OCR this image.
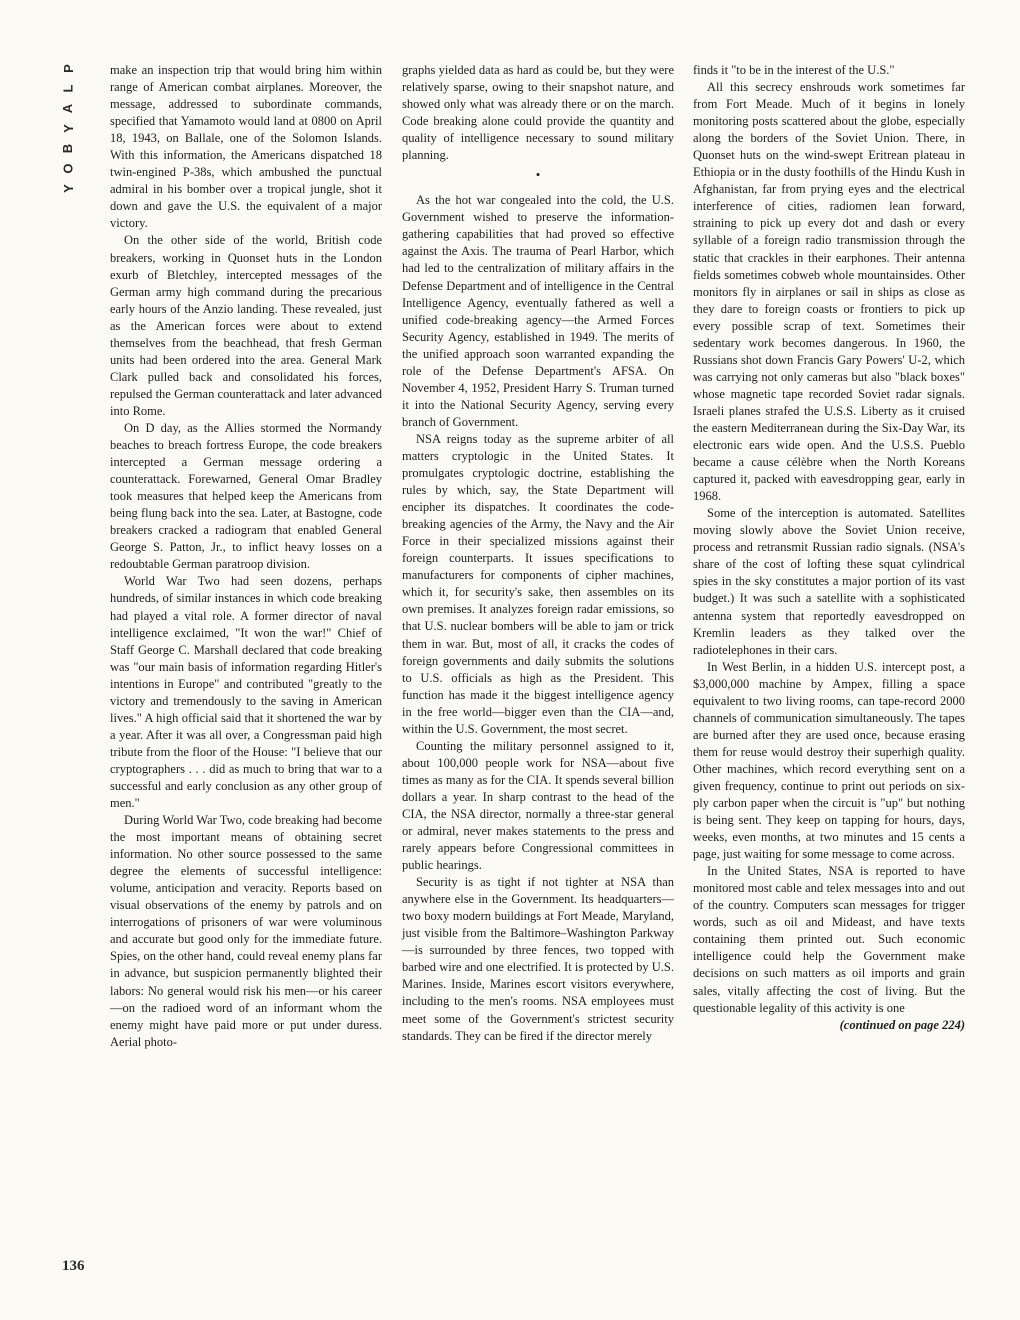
P
L
A
Y
B
O
Y
136

make an inspection trip that would bring him within range of American combat airplanes. Moreover, the message, addressed to subordinate commands, specified that Yamamoto would land at 0800 on April 18, 1943, on Ballale, one of the Solomon Islands. With this information, the Americans dispatched 18 twin-engined P-38s, which ambushed the punctual admiral in his bomber over a tropical jungle, shot it down and gave the U.S. the equivalent of a major victory.

On the other side of the world, British code breakers, working in Quonset huts in the London exurb of Bletchley, intercepted messages of the German army high command during the precarious early hours of the Anzio landing. These revealed, just as the American forces were about to extend themselves from the beachhead, that fresh German units had been ordered into the area. General Mark Clark pulled back and consolidated his forces, repulsed the German counterattack and later advanced into Rome.

On D day, as the Allies stormed the Normandy beaches to breach fortress Europe, the code breakers intercepted a German message ordering a counterattack. Forewarned, General Omar Bradley took measures that helped keep the Americans from being flung back into the sea. Later, at Bastogne, code breakers cracked a radiogram that enabled General George S. Patton, Jr., to inflict heavy losses on a redoubtable German paratroop division.

World War Two had seen dozens, perhaps hundreds, of similar instances in which code breaking had played a vital role. A former director of naval intelligence exclaimed, "It won the war!" Chief of Staff George C. Marshall declared that code breaking was "our main basis of information regarding Hitler's intentions in Europe" and contributed "greatly to the victory and tremendously to the saving in American lives." A high official said that it shortened the war by a year. After it was all over, a Congressman paid high tribute from the floor of the House: "I believe that our cryptographers . . . did as much to bring that war to a successful and early conclusion as any other group of men."

During World War Two, code breaking had become the most important means of obtaining secret information. No other source possessed to the same degree the elements of successful intelligence: volume, anticipation and veracity. Reports based on visual observations of the enemy by patrols and on interrogations of prisoners of war were voluminous and accurate but good only for the immediate future. Spies, on the other hand, could reveal enemy plans far in advance, but suspicion permanently blighted their labors: No general would risk his men—or his career—on the radioed word of an informant whom the enemy might have paid more or put under duress. Aerial photo-

graphs yielded data as hard as could be, but they were relatively sparse, owing to their snapshot nature, and showed only what was already there or on the march. Code breaking alone could provide the quantity and quality of intelligence necessary to sound military planning.

•

As the hot war congealed into the cold, the U.S. Government wished to preserve the information-gathering capabilities that had proved so effective against the Axis. The trauma of Pearl Harbor, which had led to the centralization of military affairs in the Defense Department and of intelligence in the Central Intelligence Agency, eventually fathered as well a unified code-breaking agency—the Armed Forces Security Agency, established in 1949. The merits of the unified approach soon warranted expanding the role of the Defense Department's AFSA. On November 4, 1952, President Harry S. Truman turned it into the National Security Agency, serving every branch of Government.

NSA reigns today as the supreme arbiter of all matters cryptologic in the United States. It promulgates cryptologic doctrine, establishing the rules by which, say, the State Department will encipher its dispatches. It coordinates the code-breaking agencies of the Army, the Navy and the Air Force in their specialized missions against their foreign counterparts. It issues specifications to manufacturers for components of cipher machines, which it, for security's sake, then assembles on its own premises. It analyzes foreign radar emissions, so that U.S. nuclear bombers will be able to jam or trick them in war. But, most of all, it cracks the codes of foreign governments and daily submits the solutions to U.S. officials as high as the President. This function has made it the biggest intelligence agency in the free world—bigger even than the CIA—and, within the U.S. Government, the most secret.

Counting the military personnel assigned to it, about 100,000 people work for NSA—about five times as many as for the CIA. It spends several billion dollars a year. In sharp contrast to the head of the CIA, the NSA director, normally a three-star general or admiral, never makes statements to the press and rarely appears before Congressional committees in public hearings.

Security is as tight if not tighter at NSA than anywhere else in the Government. Its headquarters—two boxy modern buildings at Fort Meade, Maryland, just visible from the Baltimore–Washington Parkway—is surrounded by three fences, two topped with barbed wire and one electrified. It is protected by U.S. Marines. Inside, Marines escort visitors everywhere, including to the men's rooms. NSA employees must meet some of the Government's strictest security standards. They can be fired if the director merely

finds it "to be in the interest of the U.S."

All this secrecy enshrouds work sometimes far from Fort Meade. Much of it begins in lonely monitoring posts scattered about the globe, especially along the borders of the Soviet Union. There, in Quonset huts on the wind-swept Eritrean plateau in Ethiopia or in the dusty foothills of the Hindu Kush in Afghanistan, far from prying eyes and the electrical interference of cities, radiomen lean forward, straining to pick up every dot and dash or every syllable of a foreign radio transmission through the static that crackles in their earphones. Their antenna fields sometimes cobweb whole mountainsides. Other monitors fly in airplanes or sail in ships as close as they dare to foreign coasts or frontiers to pick up every possible scrap of text. Sometimes their sedentary work becomes dangerous. In 1960, the Russians shot down Francis Gary Powers' U-2, which was carrying not only cameras but also "black boxes" whose magnetic tape recorded Soviet radar signals. Israeli planes strafed the U.S.S. Liberty as it cruised the eastern Mediterranean during the Six-Day War, its electronic ears wide open. And the U.S.S. Pueblo became a cause célèbre when the North Koreans captured it, packed with eavesdropping gear, early in 1968.

Some of the interception is automated. Satellites moving slowly above the Soviet Union receive, process and retransmit Russian radio signals. (NSA's share of the cost of lofting these squat cylindrical spies in the sky constitutes a major portion of its vast budget.) It was such a satellite with a sophisticated antenna system that reportedly eavesdropped on Kremlin leaders as they talked over the radiotelephones in their cars.

In West Berlin, in a hidden U.S. intercept post, a $3,000,000 machine by Ampex, filling a space equivalent to two living rooms, can tape-record 2000 channels of communication simultaneously. The tapes are burned after they are used once, because erasing them for reuse would destroy their superhigh quality. Other machines, which record everything sent on a given frequency, continue to print out periods on six-ply carbon paper when the circuit is "up" but nothing is being sent. They keep on tapping for hours, days, weeks, even months, at two minutes and 15 cents a page, just waiting for some message to come across.

In the United States, NSA is reported to have monitored most cable and telex messages into and out of the country. Computers scan messages for trigger words, such as oil and Mideast, and have texts containing them printed out. Such economic intelligence could help the Government make decisions on such matters as oil imports and grain sales, vitally affecting the cost of living. But the questionable legality of this activity is one

(continued on page 224)
